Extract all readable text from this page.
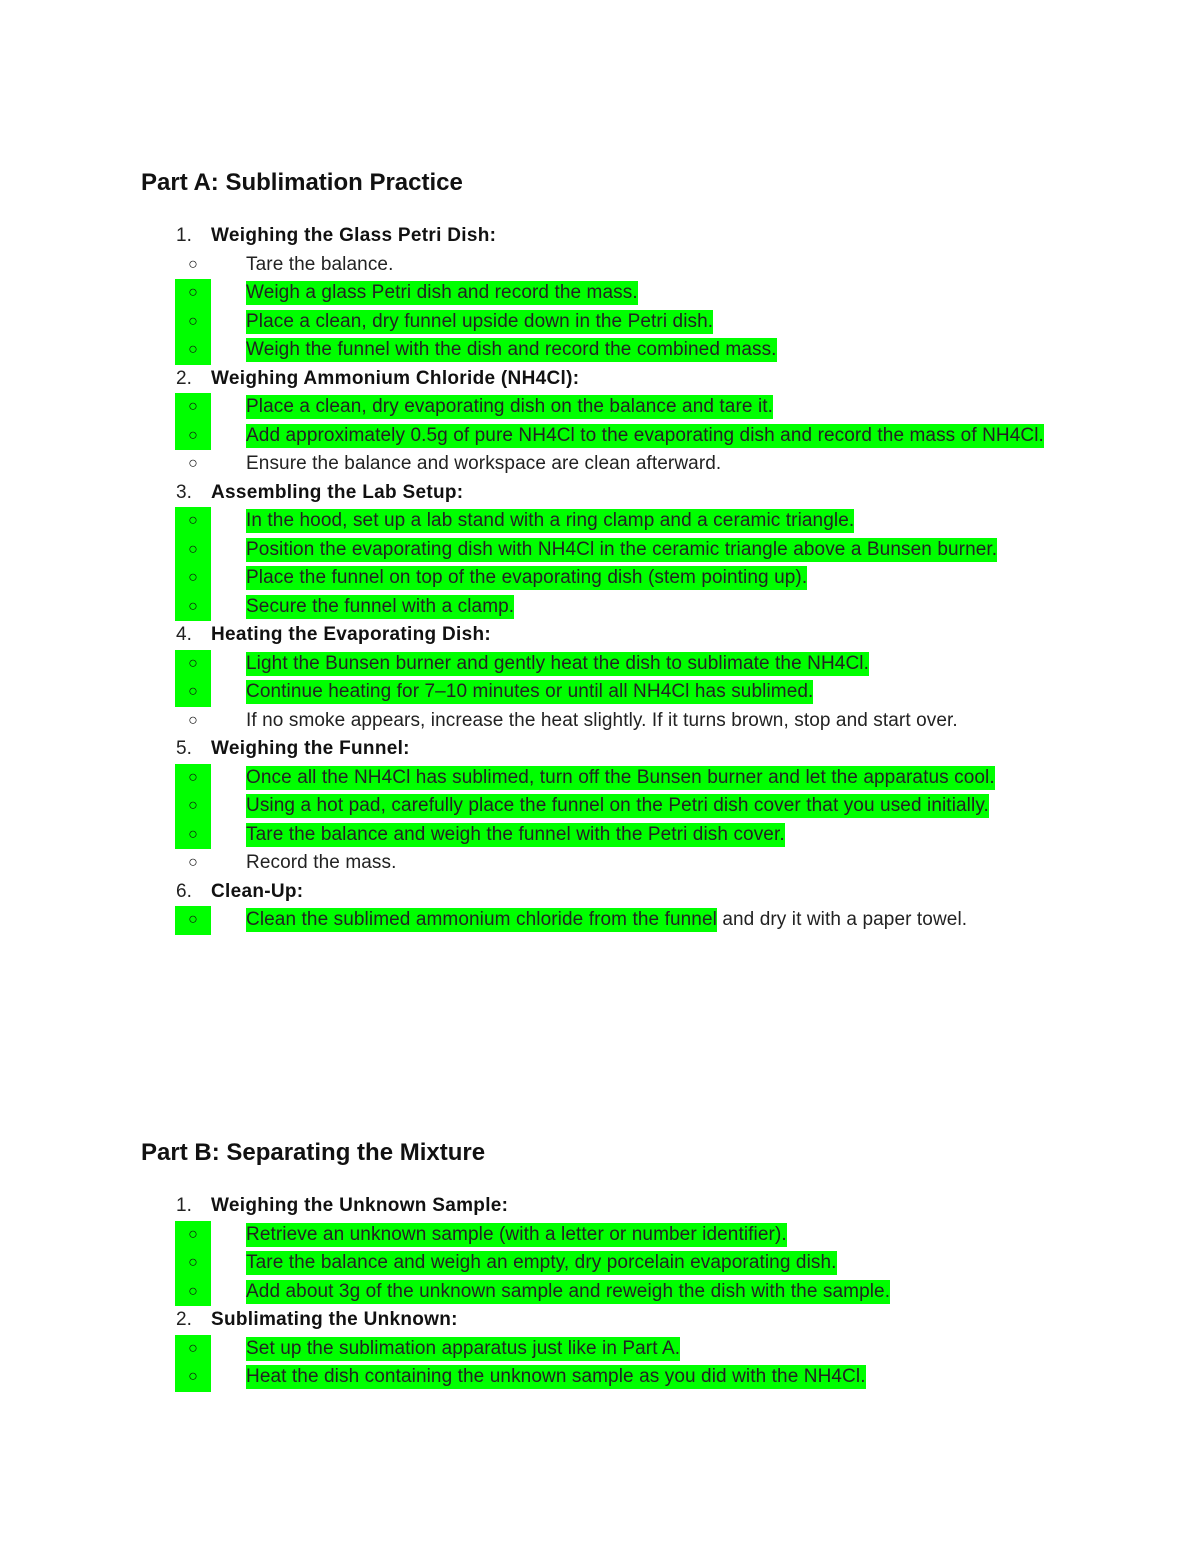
Part A: Sublimation Practice
1. Weighing the Glass Petri Dish:
○	Tare the balance.
○	Weigh a glass Petri dish and record the mass.
○	Place a clean, dry funnel upside down in the Petri dish.
○	Weigh the funnel with the dish and record the combined mass.
2. Weighing Ammonium Chloride (NH4Cl):
○	Place a clean, dry evaporating dish on the balance and tare it.
○	Add approximately 0.5g of pure NH4Cl to the evaporating dish and record the mass of NH4Cl.
○	Ensure the balance and workspace are clean afterward.
3. Assembling the Lab Setup:
○	In the hood, set up a lab stand with a ring clamp and a ceramic triangle.
○	Position the evaporating dish with NH4Cl in the ceramic triangle above a Bunsen burner.
○	Place the funnel on top of the evaporating dish (stem pointing up).
○	Secure the funnel with a clamp.
4. Heating the Evaporating Dish:
○	Light the Bunsen burner and gently heat the dish to sublimate the NH4Cl.
○	Continue heating for 7–10 minutes or until all NH4Cl has sublimed.
○	If no smoke appears, increase the heat slightly. If it turns brown, stop and start over.
5. Weighing the Funnel:
○	Once all the NH4Cl has sublimed, turn off the Bunsen burner and let the apparatus cool.
○	Using a hot pad, carefully place the funnel on the Petri dish cover that you used initially.
○	Tare the balance and weigh the funnel with the Petri dish cover.
○	Record the mass.
6. Clean-Up:
○	Clean the sublimed ammonium chloride from the funnel and dry it with a paper towel.
Part B: Separating the Mixture
1. Weighing the Unknown Sample:
○	Retrieve an unknown sample (with a letter or number identifier).
○	Tare the balance and weigh an empty, dry porcelain evaporating dish.
○	Add about 3g of the unknown sample and reweigh the dish with the sample.
2. Sublimating the Unknown:
○	Set up the sublimation apparatus just like in Part A.
○	Heat the dish containing the unknown sample as you did with the NH4Cl.
